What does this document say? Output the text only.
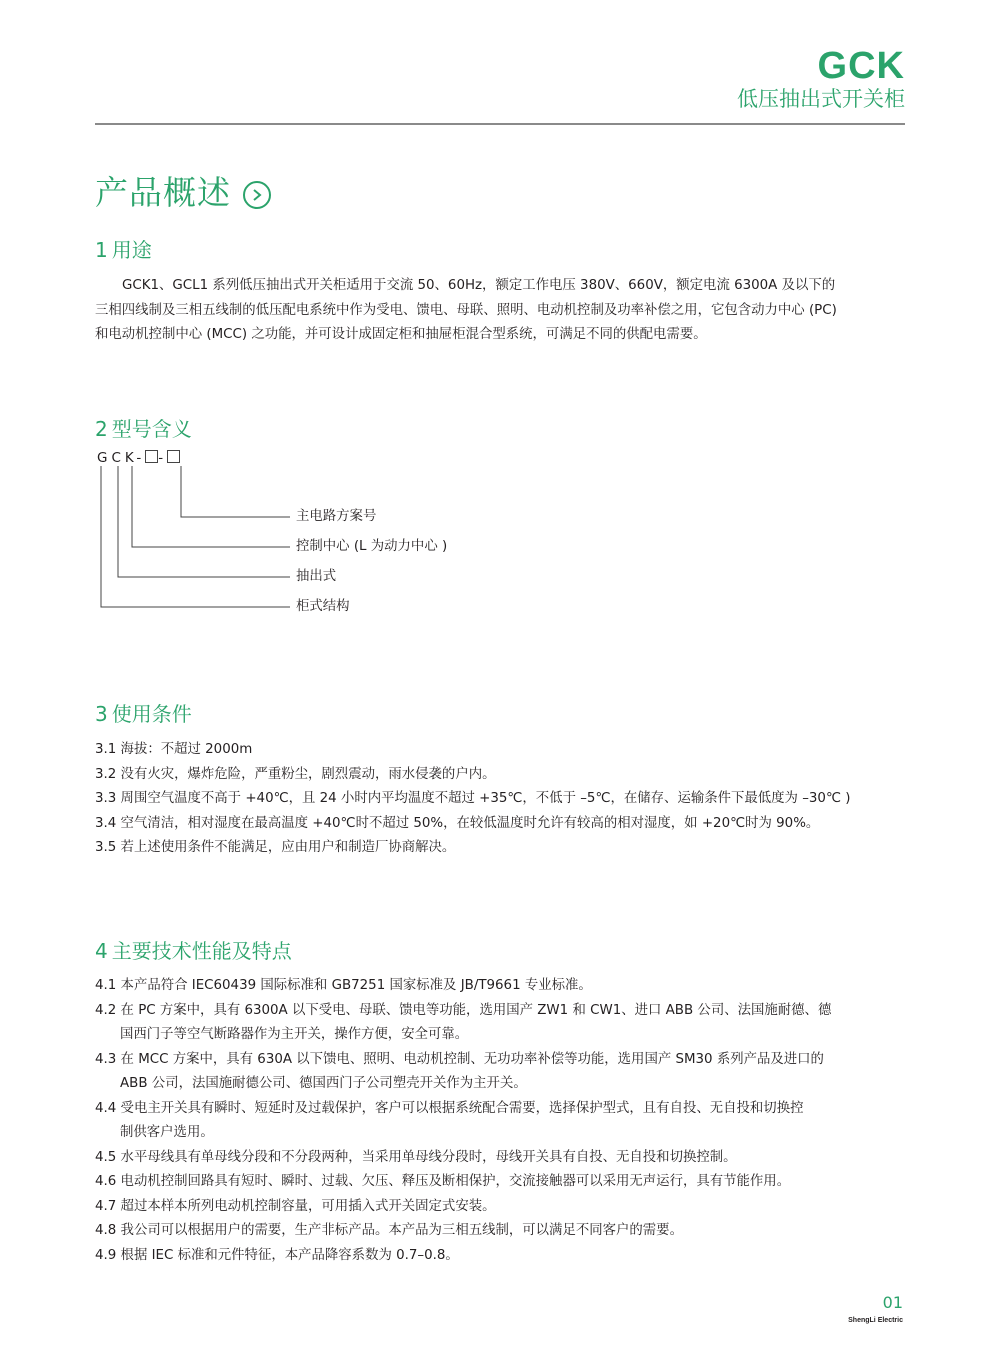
GCK
低压抽出式开关柜
产品概述
1 用途
GCK1、GCL1 系列低压抽出式开关柜适用于交流 50、60Hz，额定工作电压 380V、660V，额定电流 6300A 及以下的
三相四线制及三相五线制的低压配电系统中作为受电、馈电、母联、照明、电动机控制及功率补偿之用，它包含动力中心 (PC)
和电动机控制中心 (MCC) 之功能，并可设计成固定柜和抽屉柜混合型系统，可满足不同的供配电需要。
2 型号含义
GCK- -
主电路方案号
控制中心 (L 为动力中心 )
抽出式
柜式结构
3 使用条件
3.1 海拔：不超过 2000m
3.2 没有火灾，爆炸危险，严重粉尘，剧烈震动，雨水侵袭的户内。
3.3 周围空气温度不高于 +40℃，且 24 小时内平均温度不超过 +35℃，不低于 –5℃，在储存、运输条件下最低度为 –30℃ )
3.4 空气清洁，相对湿度在最高温度 +40℃时不超过 50%，在较低温度时允许有较高的相对湿度，如 +20℃时为 90%。
3.5 若上述使用条件不能满足，应由用户和制造厂协商解决。
4 主要技术性能及特点
4.1 本产品符合 IEC60439 国际标准和 GB7251 国家标准及 JB/T9661 专业标准。
4.2 在 PC 方案中，具有 6300A 以下受电、母联、馈电等功能，选用国产 ZW1 和 CW1、进口 ABB 公司、法国施耐德、德
国西门子等空气断路器作为主开关，操作方便，安全可靠。
4.3 在 MCC 方案中，具有 630A 以下馈电、照明、电动机控制、无功功率补偿等功能，选用国产 SM30 系列产品及进口的
ABB 公司，法国施耐德公司、德国西门子公司塑壳开关作为主开关。
4.4 受电主开关具有瞬时、短延时及过载保护，客户可以根据系统配合需要，选择保护型式，且有自投、无自投和切换控
制供客户选用。
4.5 水平母线具有单母线分段和不分段两种，当采用单母线分段时，母线开关具有自投、无自投和切换控制。
4.6 电动机控制回路具有短时、瞬时、过载、欠压、释压及断相保护，交流接触器可以采用无声运行，具有节能作用。
4.7 超过本样本所列电动机控制容量，可用插入式开关固定式安装。
4.8 我公司可以根据用户的需要，生产非标产品。本产品为三相五线制，可以满足不同客户的需要。
4.9 根据 IEC 标准和元件特征，本产品降容系数为 0.7–0.8。
01
ShengLi Electric
